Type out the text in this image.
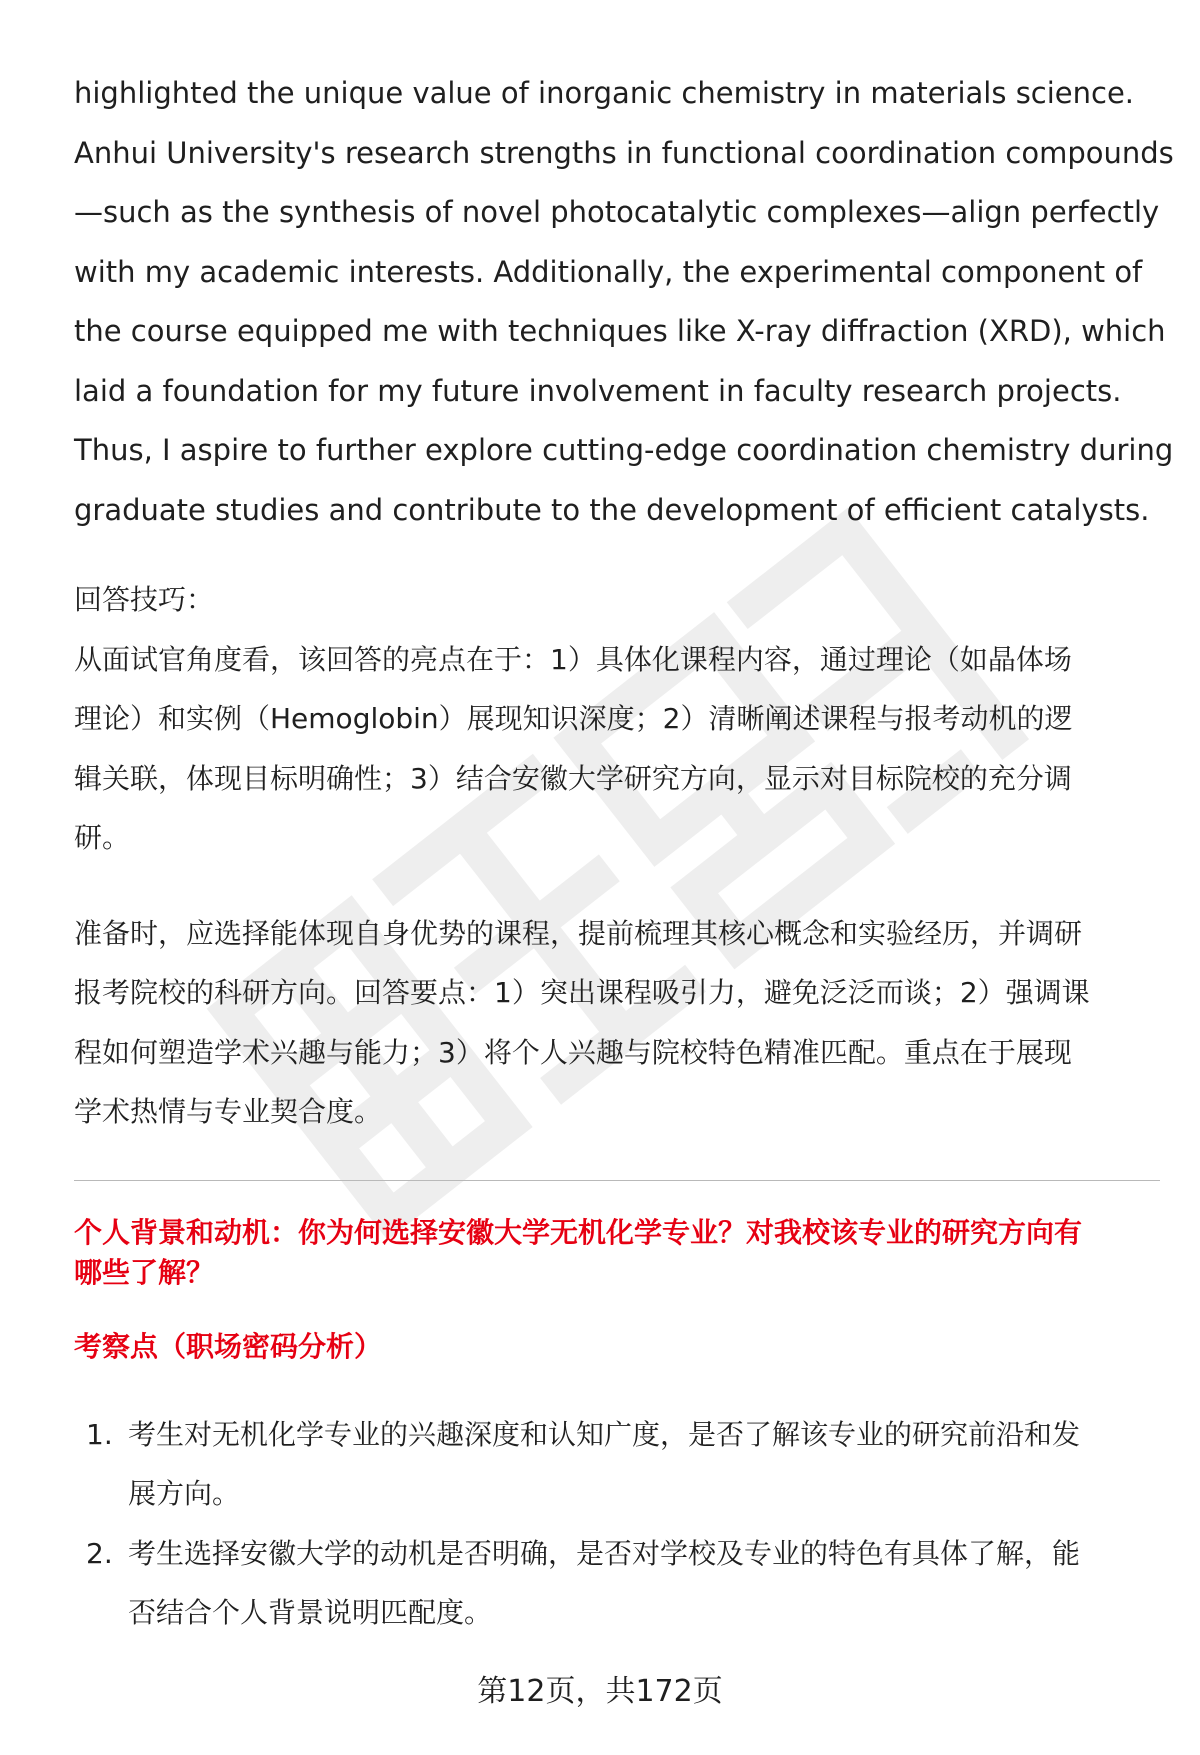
highlighted the unique value of inorganic chemistry in materials science.
Anhui University's research strengths in functional coordination compounds
—such as the synthesis of novel photocatalytic complexes—align perfectly
with my academic interests. Additionally, the experimental component of
the course equipped me with techniques like X-ray diffraction (XRD), which
laid a foundation for my future involvement in faculty research projects.
Thus, I aspire to further explore cutting-edge coordination chemistry during
graduate studies and contribute to the development of efficient catalysts.

回答技巧：

从面试官角度看，该回答的亮点在于：1）具体化课程内容，通过理论（如晶体场
理论）和实例（Hemoglobin）展现知识深度；2）清晰阐述课程与报考动机的逻
辑关联，体现目标明确性；3）结合安徽大学研究方向，显示对目标院校的充分调
研。

准备时，应选择能体现自身优势的课程，提前梳理其核心概念和实验经历，并调研
报考院校的科研方向。回答要点：1）突出课程吸引力，避免泛泛而谈；2）强调课
程如何塑造学术兴趣与能力；3）将个人兴趣与院校特色精准匹配。重点在于展现
学术热情与专业契合度。

个人背景和动机：你为何选择安徽大学无机化学专业？对我校该专业的研究方向有
哪些了解？
考察点（职场密码分析）
1. 考生对无机化学专业的兴趣深度和认知广度，是否了解该专业的研究前沿和发
展方向。
2. 考生选择安徽大学的动机是否明确，是否对学校及专业的特色有具体了解，能
否结合个人背景说明匹配度。
第12页，共172页
